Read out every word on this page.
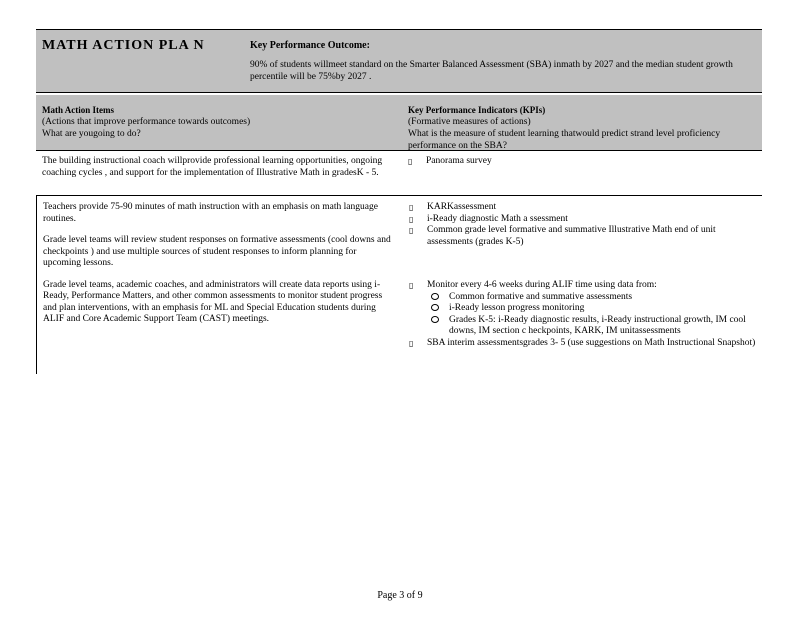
MATH ACTION PLA N	Key Performance Outcome:
90% of students willmeet standard on the Smarter Balanced Assessment (SBA) inmath by 2027 and the median student growth percentile will be 75%by 2027 .
Math Action Items
(Actions that improve performance towards outcomes)
What are yougoing to do?
Key Performance Indicators (KPIs)
(Formative measures of actions)
What is the measure of student learning thatwould predict strand level proficiency performance on the SBA?
The building instructional coach willprovide professional learning opportunities, ongoing coaching cycles , and support for the implementation of Illustrative Math in gradesK - 5.
▯ Panorama survey

Teachers provide 75-90 minutes of math instruction with an emphasis on math language routines.

Grade level teams will review student responses on formative assessments (cool downs and checkpoints ) and use multiple sources of student responses to inform planning for upcoming lessons.

Grade level teams, academic coaches, and administrators will create data reports using i-Ready, Performance Matters, and other common assessments to monitor student progress and plan interventions, with an emphasis for ML and Special Education students during ALIF and Core Academic Support Team (CAST) meetings.

▯ KARKassessment
▯ i-Ready diagnostic Math a ssessment
▯ Common grade level formative and summative Illustrative Math end of unit assessments (grades K-5)
▯ Monitor every 4-6 weeks during ALIF time using data from:
Common formative and summative assessments
i-Ready lesson progress monitoring
Grades K-5: i-Ready diagnostic results, i-Ready instructional growth, IM cool downs, IM section c heckpoints, KARK, IM unitassessments
▯ SBA interim assessmentsgrades 3- 5 (use suggestions on Math Instructional Snapshot)
Page 3 of 9
